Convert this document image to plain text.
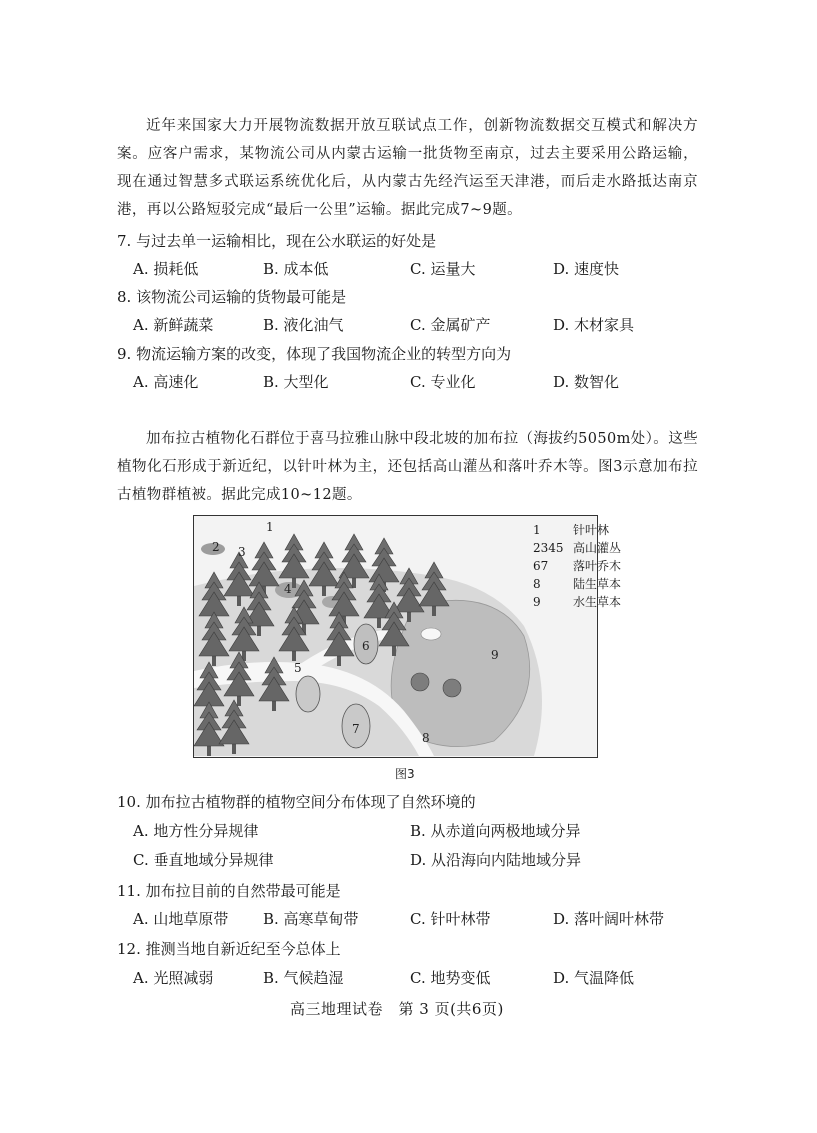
近年来国家大力开展物流数据开放互联试点工作，创新物流数据交互模式和解决方案。应客户需求，某物流公司从内蒙古运输一批货物至南京，过去主要采用公路运输，现在通过智慧多式联运系统优化后，从内蒙古先经汽运至天津港，而后走水路抵达南京港，再以公路短驳完成“最后一公里”运输。据此完成7~9题。

7. 与过去单一运输相比，现在公水联运的好处是

A. 损耗低	B. 成本低	C. 运量大	D. 速度快

8. 该物流公司运输的货物最可能是

A. 新鲜蔬菜	B. 液化油气	C. 金属矿产	D. 木材家具

9. 物流运输方案的改变，体现了我国物流企业的转型方向为

A. 高速化	B. 大型化	C. 专业化	D. 数智化

加布拉古植物化石群位于喜马拉雅山脉中段北坡的加布拉（海拔约5050m处）。这些植物化石形成于新近纪，以针叶林为主，还包括高山灌丛和落叶乔木等。图3示意加布拉古植物群植被。据此完成10~12题。

1
2 3
4
5
6
7
8
9
1	针叶林
2345 高山灌丛
67 落叶乔木
8	陆生草本
9	水生草本
图3

10. 加布拉古植物群的植物空间分布体现了自然环境的

A. 地方性分异规律	B. 从赤道向两极地域分异
C. 垂直地域分异规律	D. 从沿海向内陆地域分异

11. 加布拉目前的自然带最可能是

A. 山地草原带 B. 高寒草甸带	C. 针叶林带	D. 落叶阔叶林带

12. 推测当地自新近纪至今总体上

A. 光照减弱	B. 气候趋湿	C. 地势变低	D. 气温降低
高三地理试卷　第 3 页(共6页)
